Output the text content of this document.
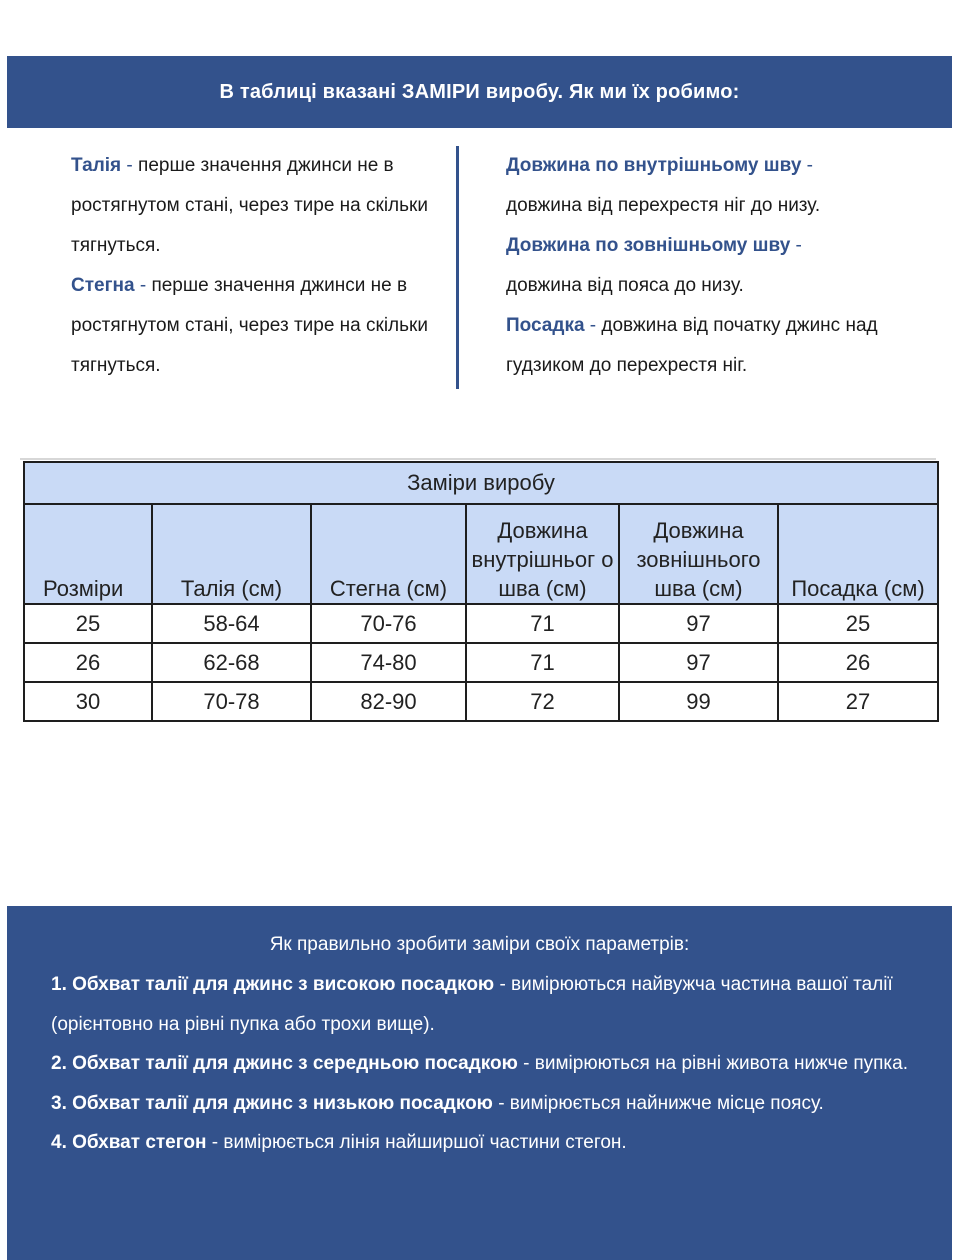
В таблиці вказані ЗАМІРИ виробу. Як ми їх робимо:

Талія - перше значення джинси не в ростягнутом стані, через тире на скільки тягнуться.

Стегна - перше значення джинси не в ростягнутом стані, через тире на скільки тягнуться.

Довжина по внутрішньому шву -
довжина від перехрестя ніг до низу.

Довжина по зовнішньому шву -
довжина від пояса до низу.

Посадка - довжина від початку джинс над гудзиком до перехрестя ніг.

Заміри виробу					
Розміри	Талія (см)	Стегна (см)	Довжина внутрішньог о шва (см)	Довжина зовнішнього шва (см)	Посадка (см)
25	58-64	70-76	71	97	25
26	62-68	74-80	71	97	26
30	70-78	82-90	72	99	27
Як правильно зробити заміри своїх параметрів:

1. Обхват талії для джинс з високою посадкою - вимірюються найвужча частина вашої талії (орієнтовно на рівні пупка або трохи вище).

2. Обхват талії для джинс з середньою посадкою - вимірюються на рівні живота нижче пупка.

3. Обхват талії для джинс з низькою посадкою - вимірюється найнижче місце поясу.

4. Обхват стегон - вимірюється лінія найширшої частини стегон.
